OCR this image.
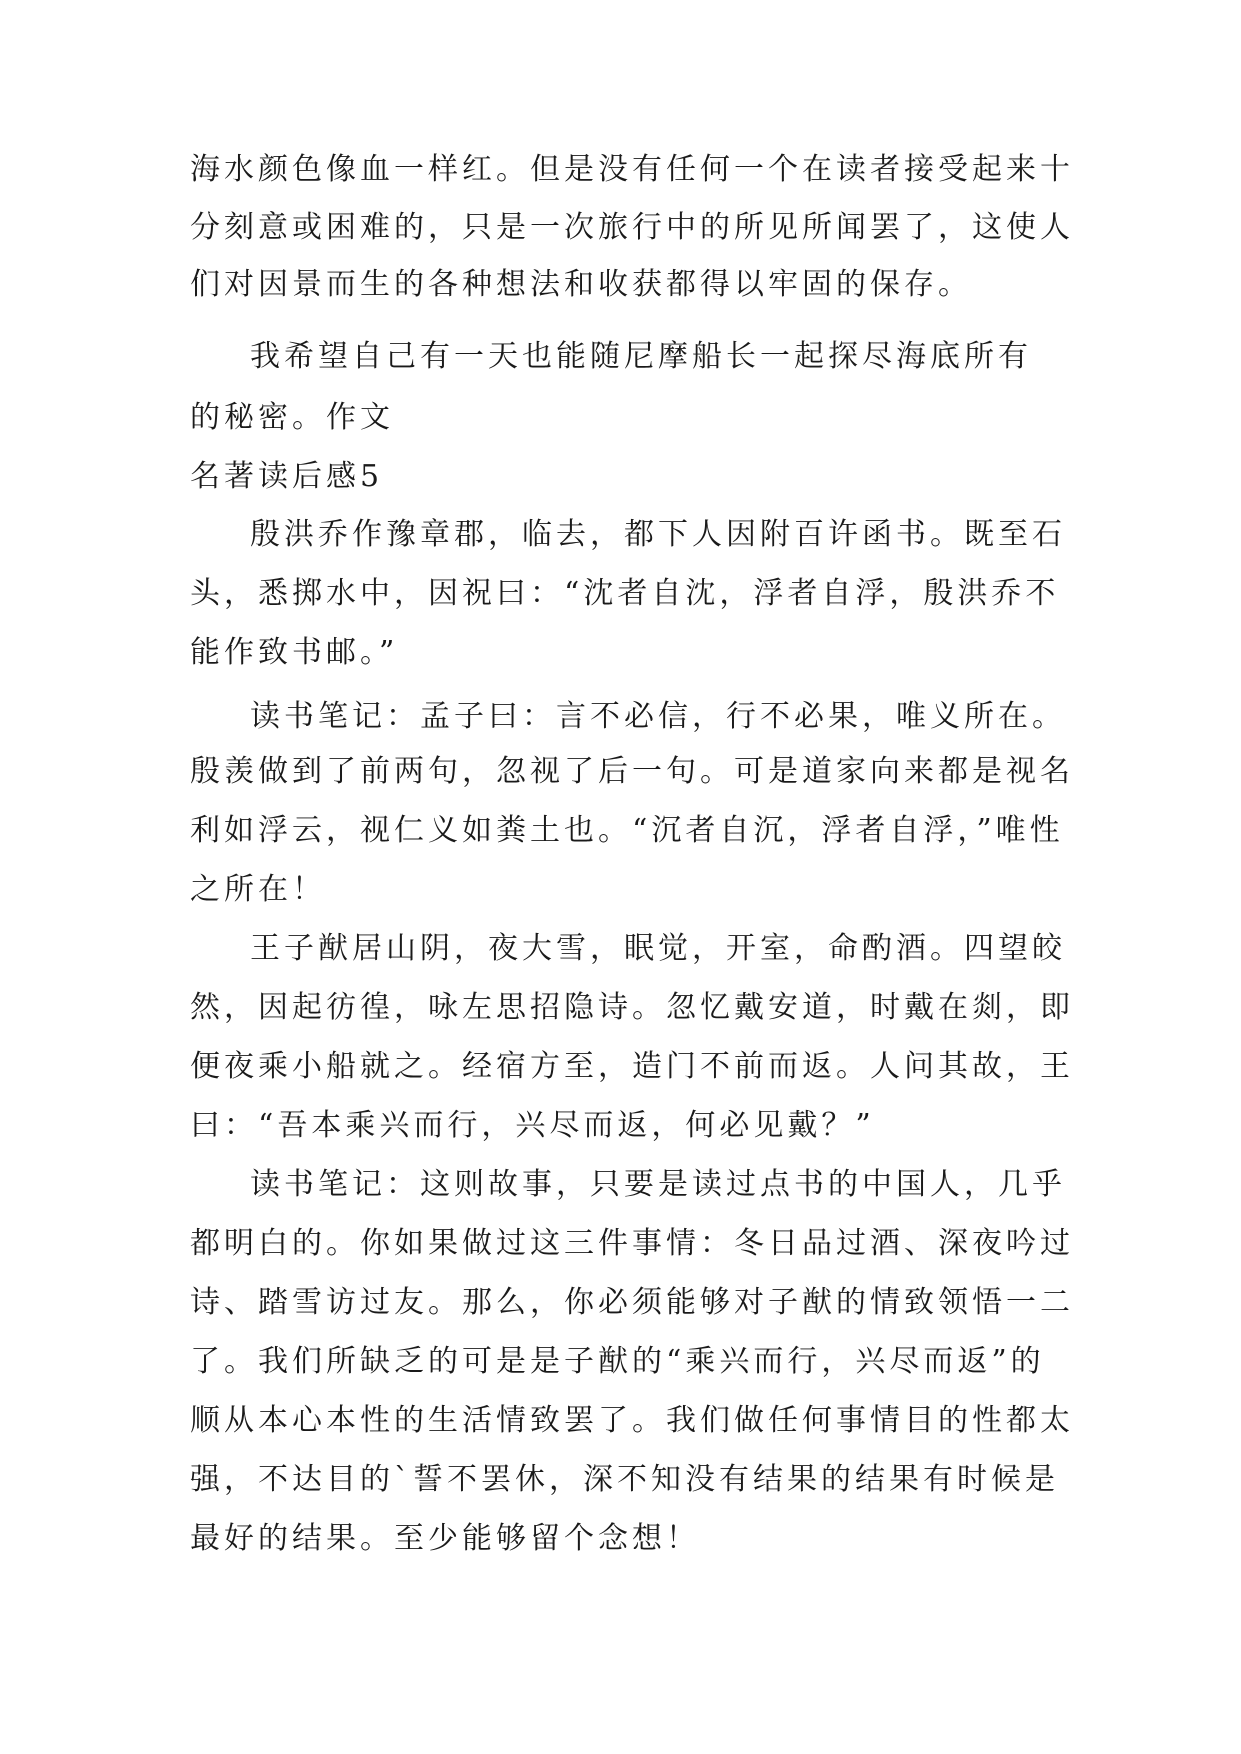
海水颜色像血一样红。但是没有任何一个在读者接受起来十
分刻意或困难的，只是一次旅行中的所见所闻罢了，这使人
们对因景而生的各种想法和收获都得以牢固的保存。
我希望自己有一天也能随尼摩船长一起探尽海底所有
的秘密。作文
名著读后感5
殷洪乔作豫章郡，临去，都下人因附百许函书。既至石
头，悉掷水中，因祝曰：“沈者自沈，浮者自浮，殷洪乔不
能作致书邮。”
读书笔记：孟子曰：言不必信，行不必果，唯义所在。
殷羡做到了前两句，忽视了后一句。可是道家向来都是视名
利如浮云，视仁义如粪土也。“沉者自沉，浮者自浮，”唯性
之所在！
王子猷居山阴，夜大雪，眠觉，开室，命酌酒。四望皎
然，因起彷徨，咏左思招隐诗。忽忆戴安道，时戴在剡，即
便夜乘小船就之。经宿方至，造门不前而返。人问其故，王
曰：“吾本乘兴而行，兴尽而返，何必见戴？”
读书笔记：这则故事，只要是读过点书的中国人，几乎
都明白的。你如果做过这三件事情：冬日品过酒、深夜吟过
诗、踏雪访过友。那么，你必须能够对子猷的情致领悟一二
了。我们所缺乏的可是是子猷的“乘兴而行，兴尽而返”的
顺从本心本性的生活情致罢了。我们做任何事情目的性都太
强，不达目的`誓不罢休，深不知没有结果的结果有时候是
最好的结果。至少能够留个念想！
